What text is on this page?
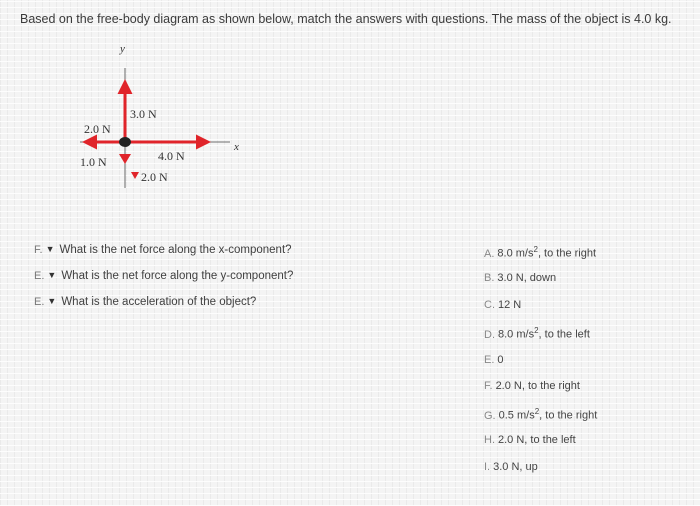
Based on the free-body diagram as shown below, match the answers with questions. The mass of the object is 4.0 kg.
y
x
3.0 N
2.0 N
1.0 N	4.0 N
2.0 N
F. ▼ What is the net force along the x-component?
E. ▼ What is the net force along the y-component?
E. ▼ What is the acceleration of the object?
A. 8.0 $m/s^2$, to the right
B. 3.0 N, down
C. 12 N
D. 8.0 $m/s^2$, to the left
E. 0
F. 2.0 N, to the right
G. 0.5 $m/s^2$, to the right
H. 2.0 N, to the left
I. 3.0 N, up
